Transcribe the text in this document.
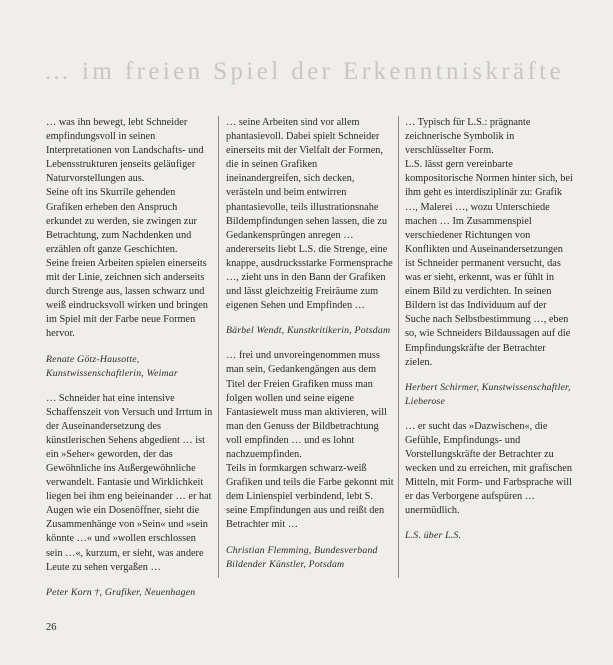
… im freien Spiel der Erkenntniskräfte

… was ihn bewegt, lebt Schneider empfindungsvoll in seinen Interpretationen von Landschafts- und Lebensstrukturen jenseits geläufiger Naturvorstellungen aus.

Seine oft ins Skurrile gehenden Grafiken erheben den Anspruch erkundet zu werden, sie zwingen zur Betrachtung, zum Nachdenken und erzählen oft ganze Geschichten.

Seine freien Arbeiten spielen einerseits mit der Linie, zeichnen sich anderseits durch Strenge aus, lassen schwarz und weiß eindrucksvoll wirken und bringen im Spiel mit der Farbe neue Formen hervor.

Renate Götz-Hausotte, Kunstwissenschaftlerin, Weimar

… Schneider hat eine intensive Schaffenszeit von Versuch und Irrtum in der Auseinandersetzung des künstlerischen Sehens abgedient … ist ein »Seher« geworden, der das Gewöhnliche ins Außergewöhnliche verwandelt. Fantasie und Wirklichkeit liegen bei ihm eng beieinander … er hat Augen wie ein Dosenöffner, sieht die Zusammenhänge von »Sein« und »sein könnte …« und »wollen erschlossen sein …«, kurzum, er sieht, was andere Leute zu sehen vergaßen …

Peter Korn †, Grafiker, Neuenhagen

… seine Arbeiten sind vor allem phantasievoll. Dabei spielt Schneider einerseits mit der Vielfalt der Formen, die in seinen Grafiken ineinandergreifen, sich decken, verästeln und beim entwirren phantasievolle, teils illustrationsnahe Bildempfindungen sehen lassen, die zu Gedankensprüngen anregen … andererseits liebt L.S. die Strenge, eine knappe, ausdrucksstarke Formensprache …, zieht uns in den Bann der Grafiken und lässt gleichzeitig Freiräume zum eigenen Sehen und Empfinden …

Bärbel Wendt, Kunstkritikerin, Potsdam

… frei und unvoreingenommen muss man sein, Gedankengängen aus dem Titel der Freien Grafiken muss man folgen wollen und seine eigene Fantasiewelt muss man aktivieren, will man den Genuss der Bildbetrachtung voll empfinden … und es lohnt nachzuempfinden.

Teils in formkargen schwarz-weiß Grafiken und teils die Farbe gekonnt mit dem Linienspiel verbindend, lebt S. seine Empfindungen aus und reißt den Betrachter mit …

Christian Flemming, Bundesverband Bildender Künstler, Potsdam

… Typisch für L.S.: prägnante zeichnerische Symbolik in verschlüsselter Form.

L.S. lässt gern vereinbarte kompositorische Normen hinter sich, bei ihm geht es interdisziplinär zu: Grafik …, Malerei …, wozu Unterschiede machen … Im Zusammenspiel verschiedener Richtungen von Konflikten und Auseinandersetzungen ist Schneider permanent versucht, das was er sieht, erkennt, was er fühlt in einem Bild zu verdichten. In seinen Bildern ist das Individuum auf der Suche nach Selbstbestimmung …, eben so, wie Schneiders Bildaussagen auf die Empfindungskräfte der Betrachter zielen.

Herbert Schirmer, Kunstwissenschaftler, Lieberose

… er sucht das »Dazwischen«, die Gefühle, Empfindungs- und Vorstellungskräfte der Betrachter zu wecken und zu erreichen, mit grafischen Mitteln, mit Form- und Farbsprache will er das Verborgene aufspüren … unermüdlich.

L.S. über L.S.

26
